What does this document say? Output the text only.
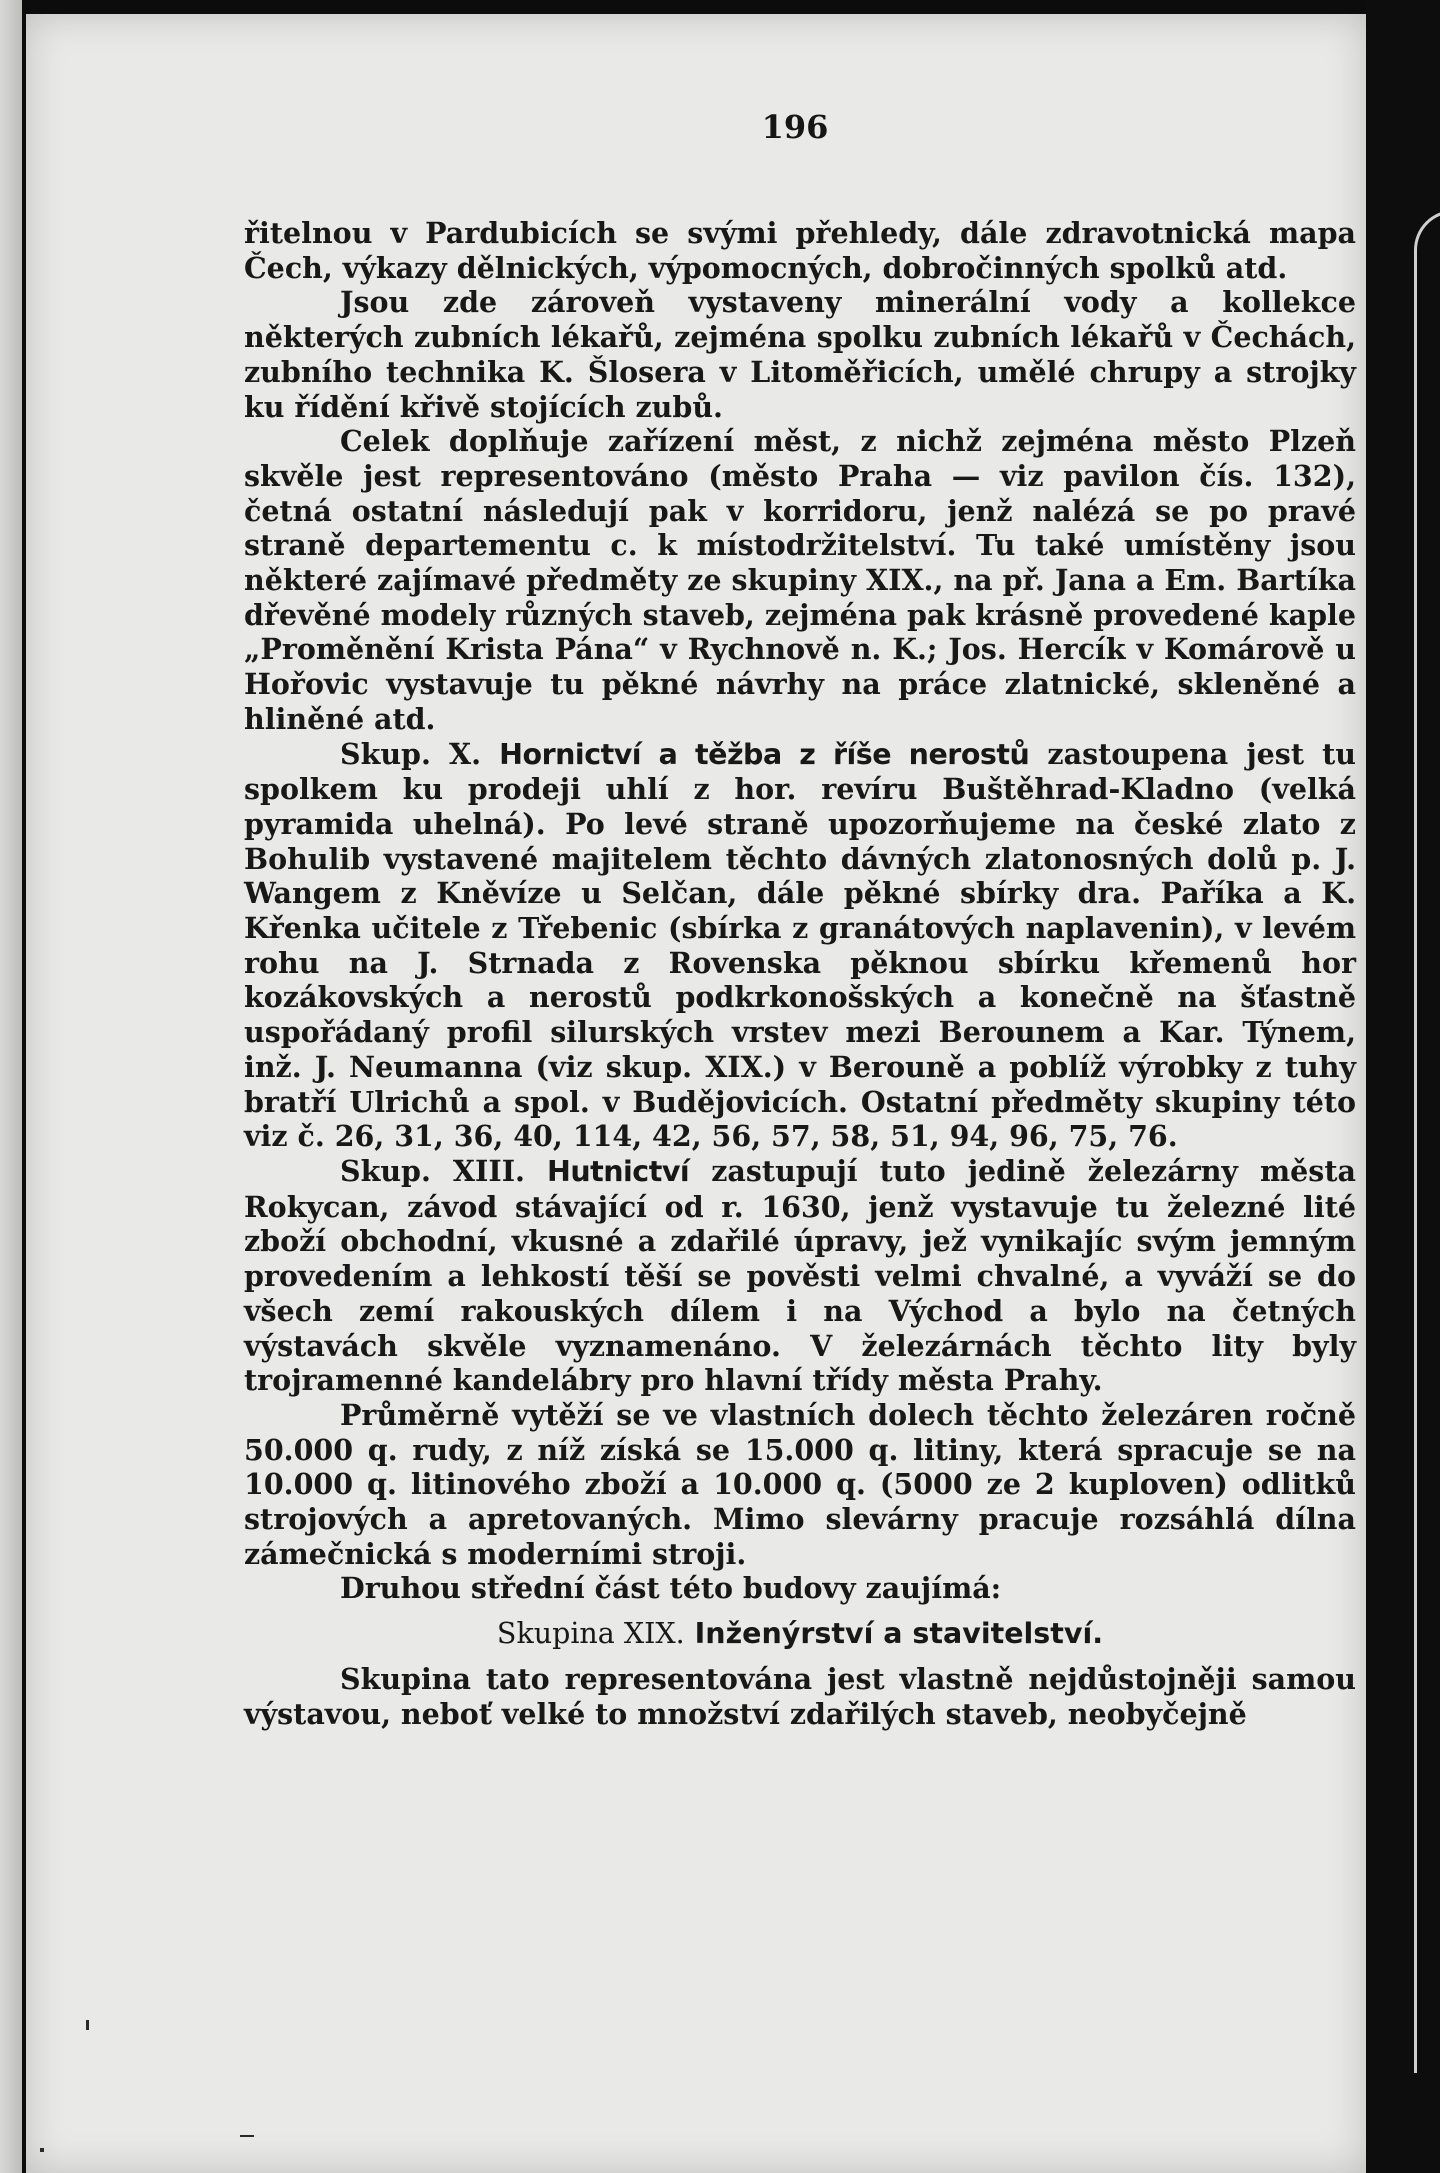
196

řitelnou v Pardubicích se svými přehledy, dále zdravotnická mapa Čech, výkazy dělnických, výpomocných, dobročinných spolků atd.

Jsou zde zároveň vystaveny minerální vody a kollekce některých zubních lékařů, zejména spolku zubních lékařů v Čechách, zubního technika K. Šlosera v Litoměřicích, umělé chrupy a strojky ku řídění křivě stojících zubů.

Celek doplňuje zařízení měst, z nichž zejména město Plzeň skvěle jest representováno (město Praha — viz pavilon čís. 132), četná ostatní následují pak v korridoru, jenž nalézá se po pravé straně departementu c. k místodržitelství. Tu také umístěny jsou některé zajímavé předměty ze skupiny XIX., na př. Jana a Em. Bartíka dřevěné modely různých staveb, zejména pak krásně provedené kaple „Proměnění Krista Pána“ v Rychnově n. K.; Jos. Hercík v Komárově u Hořovic vystavuje tu pěkné návrhy na práce zlatnické, skleněné a hliněné atd.

Skup. X. Hornictví a těžba z říše nerostů zastoupena jest tu spolkem ku prodeji uhlí z hor. revíru Buštěhrad-Kladno (velká pyramida uhelná). Po levé straně upozorňujeme na české zlato z Bohulib vystavené majitelem těchto dávných zlatonosných dolů p. J. Wangem z Kněvíze u Selčan, dále pěkné sbírky dra. Paříka a K. Křenka učitele z Třebenic (sbírka z granátových naplavenin), v levém rohu na J. Strnada z Rovenska pěknou sbírku křemenů hor kozákovských a nerostů podkrkonošských a konečně na šťastně uspořádaný profil silurských vrstev mezi Berounem a Kar. Týnem, inž. J. Neumanna (viz skup. XIX.) v Berouně a poblíž výrobky z tuhy bratří Ulrichů a spol. v Budějovicích. Ostatní předměty skupiny této viz č. 26, 31, 36, 40, 114, 42, 56, 57, 58, 51, 94, 96, 75, 76.

Skup. XIII. Hutnictví zastupují tuto jedině železárny města Rokycan, závod stávající od r. 1630, jenž vystavuje tu železné lité zboží obchodní, vkusné a zdařilé úpravy, jež vynikajíc svým jemným provedením a lehkostí těší se pověsti velmi chvalné, a vyváží se do všech zemí rakouských dílem i na Východ a bylo na četných výstavách skvěle vyznamenáno. V železárnách těchto lity byly trojramenné kandelábry pro hlavní třídy města Prahy.

Průměrně vytěží se ve vlastních dolech těchto železáren ročně 50.000 q. rudy, z níž získá se 15.000 q. litiny, která spracuje se na 10.000 q. litinového zboží a 10.000 q. (5000 ze 2 kuploven) odlitků strojových a apretovaných. Mimo slevárny pracuje rozsáhlá dílna zámečnická s moderními stroji.

Druhou střední část této budovy zaujímá:

Skupina XIX. Inženýrství a stavitelství.

Skupina tato representována jest vlastně nejdůstojněji samou výstavou, neboť velké to množství zdařilých staveb, neobyčejně
